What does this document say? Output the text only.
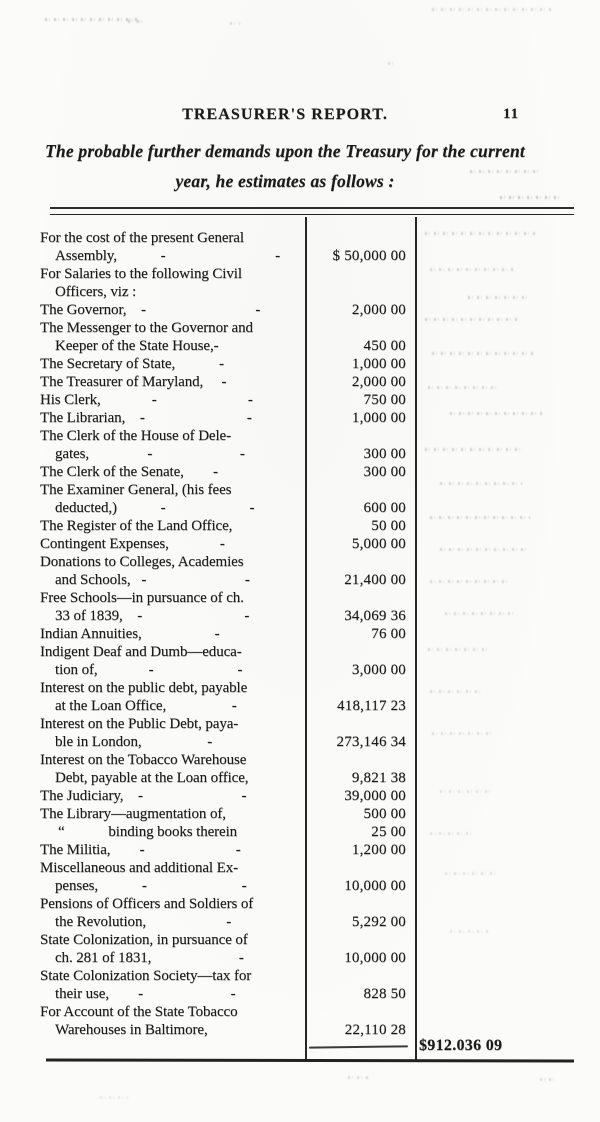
TREASURER'S REPORT.	11
The probable further demands upon the Treasury for the current
year, he estimates as follows :
For the cost of the present General
Assembly,            -                              -	$ 50,000 00
For Salaries to the following Civil
Officers, viz :
The Governor,    -                              -	2,000 00
The Messenger to the Governor and
Keeper of the State House,-	450 00
The Secretary of State,            -	1,000 00
The Treasurer of Maryland,     -	2,000 00
His Clerk,              -                         -	750 00
The Librarian,    -                            -	1,000 00
The Clerk of the House of Dele-
gates,                -                        -	300 00
The Clerk of the Senate,        -	300 00
The Examiner General, (his fees
deducted,)            -                       -	600 00
The Register of the Land Office,	50 00
Contingent Expenses,              -	5,000 00
Donations to Colleges, Academies
and Schools,   -                           -	21,400 00
Free Schools—in pursuance of ch.
33 of 1839,    -                            -	34,069 36
Indian Annuities,                    -	76 00
Indigent Deaf and Dumb—educa-
tion of,              -                       -	3,000 00
Interest on the public debt, payable
at the Loan Office,                  -	418,117 23
Interest on the Public Debt, paya-
ble in London,                  -	273,146 34
Interest on the Tobacco Warehouse
Debt, payable at the Loan office,	9,821 38
The Judiciary,    -                           -	39,000 00
The Library—augmentation of,	500 00
“            binding books therein	25 00
The Militia,        -                         -	1,200 00
Miscellaneous and additional Ex-
penses,            -                          -	10,000 00
Pensions of Officers and Soldiers of
the Revolution,                      -	5,292 00
State Colonization, in pursuance of
ch. 281 of 1831,                        -	10,000 00
State Colonization Society—tax for
their use,        -                        -	828 50
For Account of the State Tobacco
Warehouses in Baltimore,	22,110 28
$912.036 09
